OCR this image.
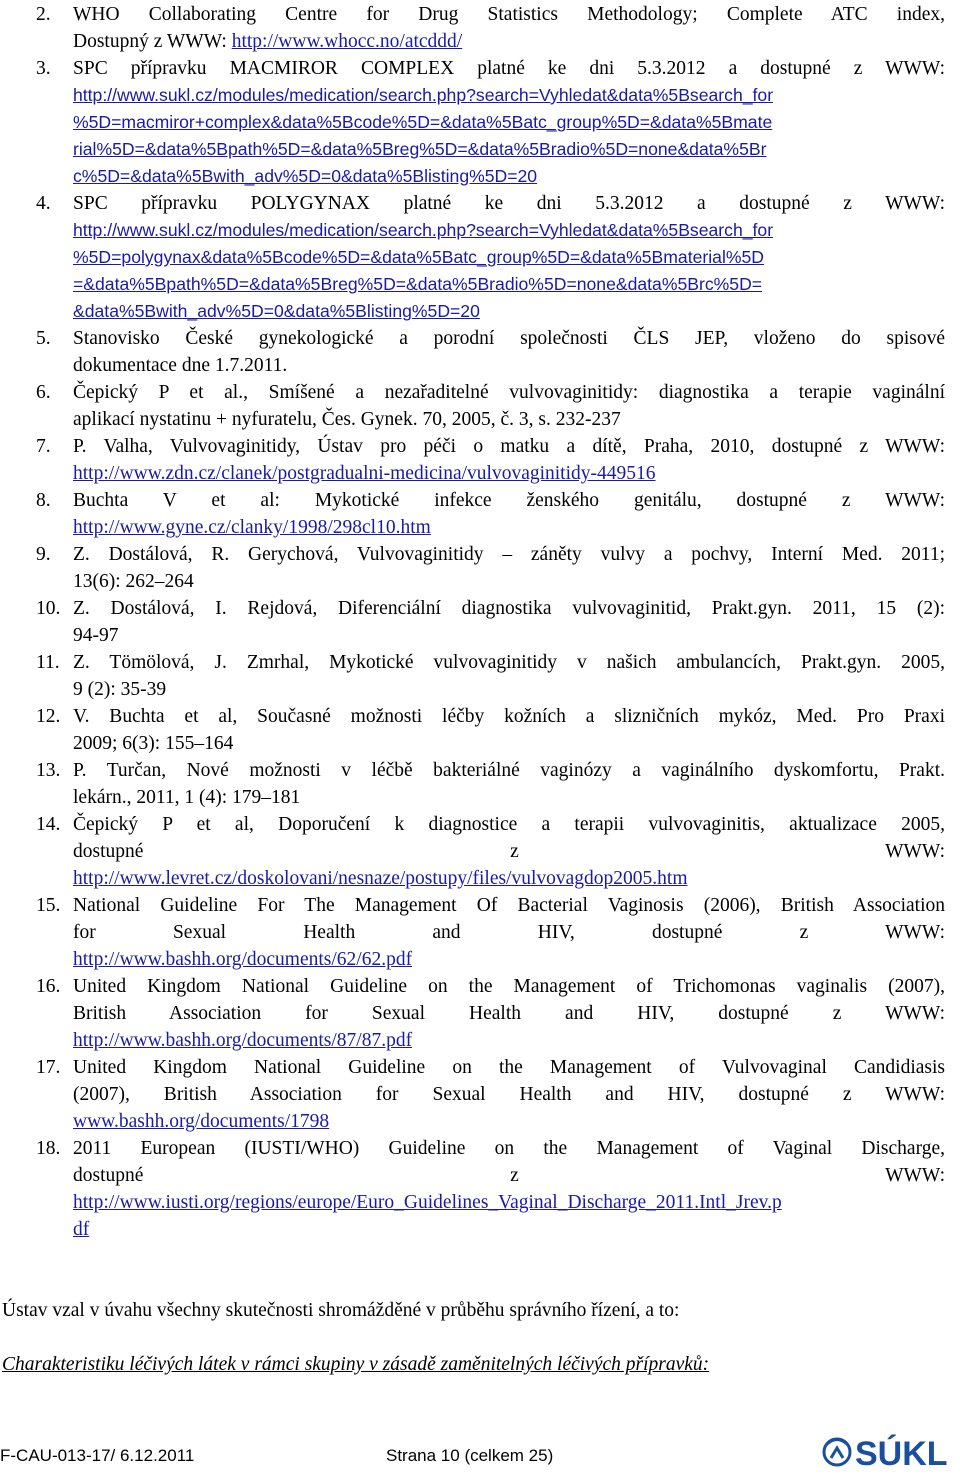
2. WHO Collaborating Centre for Drug Statistics Methodology; Complete ATC index,
Dostupný z WWW: http://www.whocc.no/atcddd/
3. SPC přípravku MACMIROR COMPLEX platné ke dni 5.3.2012 a dostupné z WWW:
http://www.sukl.cz/modules/medication/search.php?search=Vyhledat&data%5Bsearch_for
%5D=macmiror+complex&data%5Bcode%5D=&data%5Batc_group%5D=&data%5Bmate
rial%5D=&data%5Bpath%5D=&data%5Breg%5D=&data%5Bradio%5D=none&data%5Br
c%5D=&data%5Bwith_adv%5D=0&data%5Blisting%5D=20
4. SPC přípravku POLYGYNAX platné ke dni 5.3.2012 a dostupné z WWW:
http://www.sukl.cz/modules/medication/search.php?search=Vyhledat&data%5Bsearch_for
%5D=polygynax&data%5Bcode%5D=&data%5Batc_group%5D=&data%5Bmaterial%5D
=&data%5Bpath%5D=&data%5Breg%5D=&data%5Bradio%5D=none&data%5Brc%5D=
&data%5Bwith_adv%5D=0&data%5Blisting%5D=20
5. Stanovisko České gynekologické a porodní společnosti ČLS JEP, vloženo do spisové
dokumentace dne 1.7.2011.
6. Čepický P et al., Smíšené a nezařaditelné vulvovaginitidy: diagnostika a terapie vaginální
aplikací nystatinu + nyfuratelu, Čes. Gynek. 70, 2005, č. 3, s. 232-237
7. P. Valha, Vulvovaginitidy, Ústav pro péči o matku a dítě, Praha, 2010, dostupné z WWW:
http://www.zdn.cz/clanek/postgradualni-medicina/vulvovaginitidy-449516
8. Buchta V et al: Mykotické infekce ženského genitálu, dostupné z WWW:
http://www.gyne.cz/clanky/1998/298cl10.htm
9. Z. Dostálová, R. Gerychová, Vulvovaginitidy – záněty vulvy a pochvy, Interní Med. 2011;
13(6): 262–264
10. Z. Dostálová, I. Rejdová, Diferenciální diagnostika vulvovaginitid, Prakt.gyn. 2011, 15 (2):
94-97
11. Z. Tömölová, J. Zmrhal, Mykotické vulvovaginitidy v našich ambulancích, Prakt.gyn. 2005,
9 (2): 35-39
12. V. Buchta et al, Současné možnosti léčby kožních a slizničních mykóz, Med. Pro Praxi
2009; 6(3): 155–164
13. P. Turčan, Nové možnosti v léčbě bakteriálné vaginózy a vaginálního dyskomfortu, Prakt.
lekárn., 2011, 1 (4): 179–181
14. Čepický P et al, Doporučení k diagnostice a terapii vulvovaginitis, aktualizace 2005,
dostupné z WWW:
http://www.levret.cz/doskolovani/nesnaze/postupy/files/vulvovagdop2005.htm
15. National Guideline For The Management Of Bacterial Vaginosis (2006), British Association
for Sexual Health and HIV, dostupné z WWW:
http://www.bashh.org/documents/62/62.pdf
16. United Kingdom National Guideline on the Management of Trichomonas vaginalis (2007),
British Association for Sexual Health and HIV, dostupné z WWW:
http://www.bashh.org/documents/87/87.pdf
17. United Kingdom National Guideline on the Management of Vulvovaginal Candidiasis
(2007), British Association for Sexual Health and HIV, dostupné z WWW:
www.bashh.org/documents/1798
18. 2011 European (IUSTI/WHO) Guideline on the Management of Vaginal Discharge,
dostupné z WWW:
http://www.iusti.org/regions/europe/Euro_Guidelines_Vaginal_Discharge_2011.Intl_Jrev.p
df
Ústav vzal v úvahu všechny skutečnosti shromážděné v průběhu správního řízení, a to:
Charakteristiku léčivých látek v rámci skupiny v zásadě zaměnitelných léčivých přípravků:
F-CAU-013-17/ 6.12.2011	Strana 10 (celkem 25)	SÚKL
